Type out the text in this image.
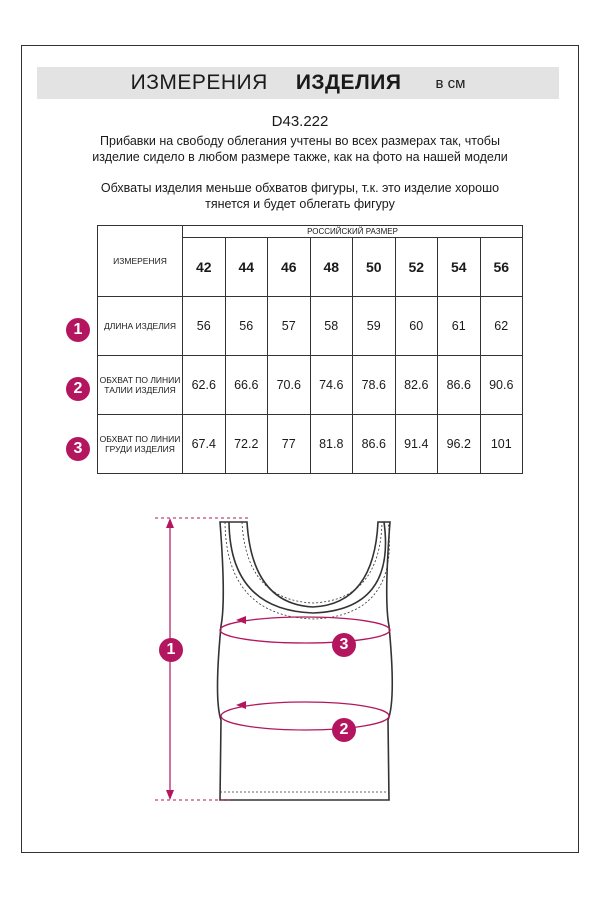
ИЗМЕРЕНИЯ ИЗДЕЛИЯ в см
D43.222
Прибавки на свободу облегания учтены во всех размерах так, чтобы изделие сидело в любом размере также, как на фото на нашей модели
Обхваты изделия меньше обхватов фигуры, т.к. это изделие хорошо тянется и будет облегать фигуру
ИЗМЕРЕНИЯ	РОССИЙСКИЙ РАЗМЕР							
	42	44	46	48	50	52	54	56
ДЛИНА ИЗДЕЛИЯ	56	56	57	58	59	60	61	62
ОБХВАТ ПО ЛИНИИ ТАЛИИ ИЗДЕЛИЯ	62.6	66.6	70.6	74.6	78.6	82.6	86.6	90.6
ОБХВАТ ПО ЛИНИИ ГРУДИ ИЗДЕЛИЯ	67.4	72.2	77	81.8	86.6	91.4	96.2	101
1
2
3
1
2
3
